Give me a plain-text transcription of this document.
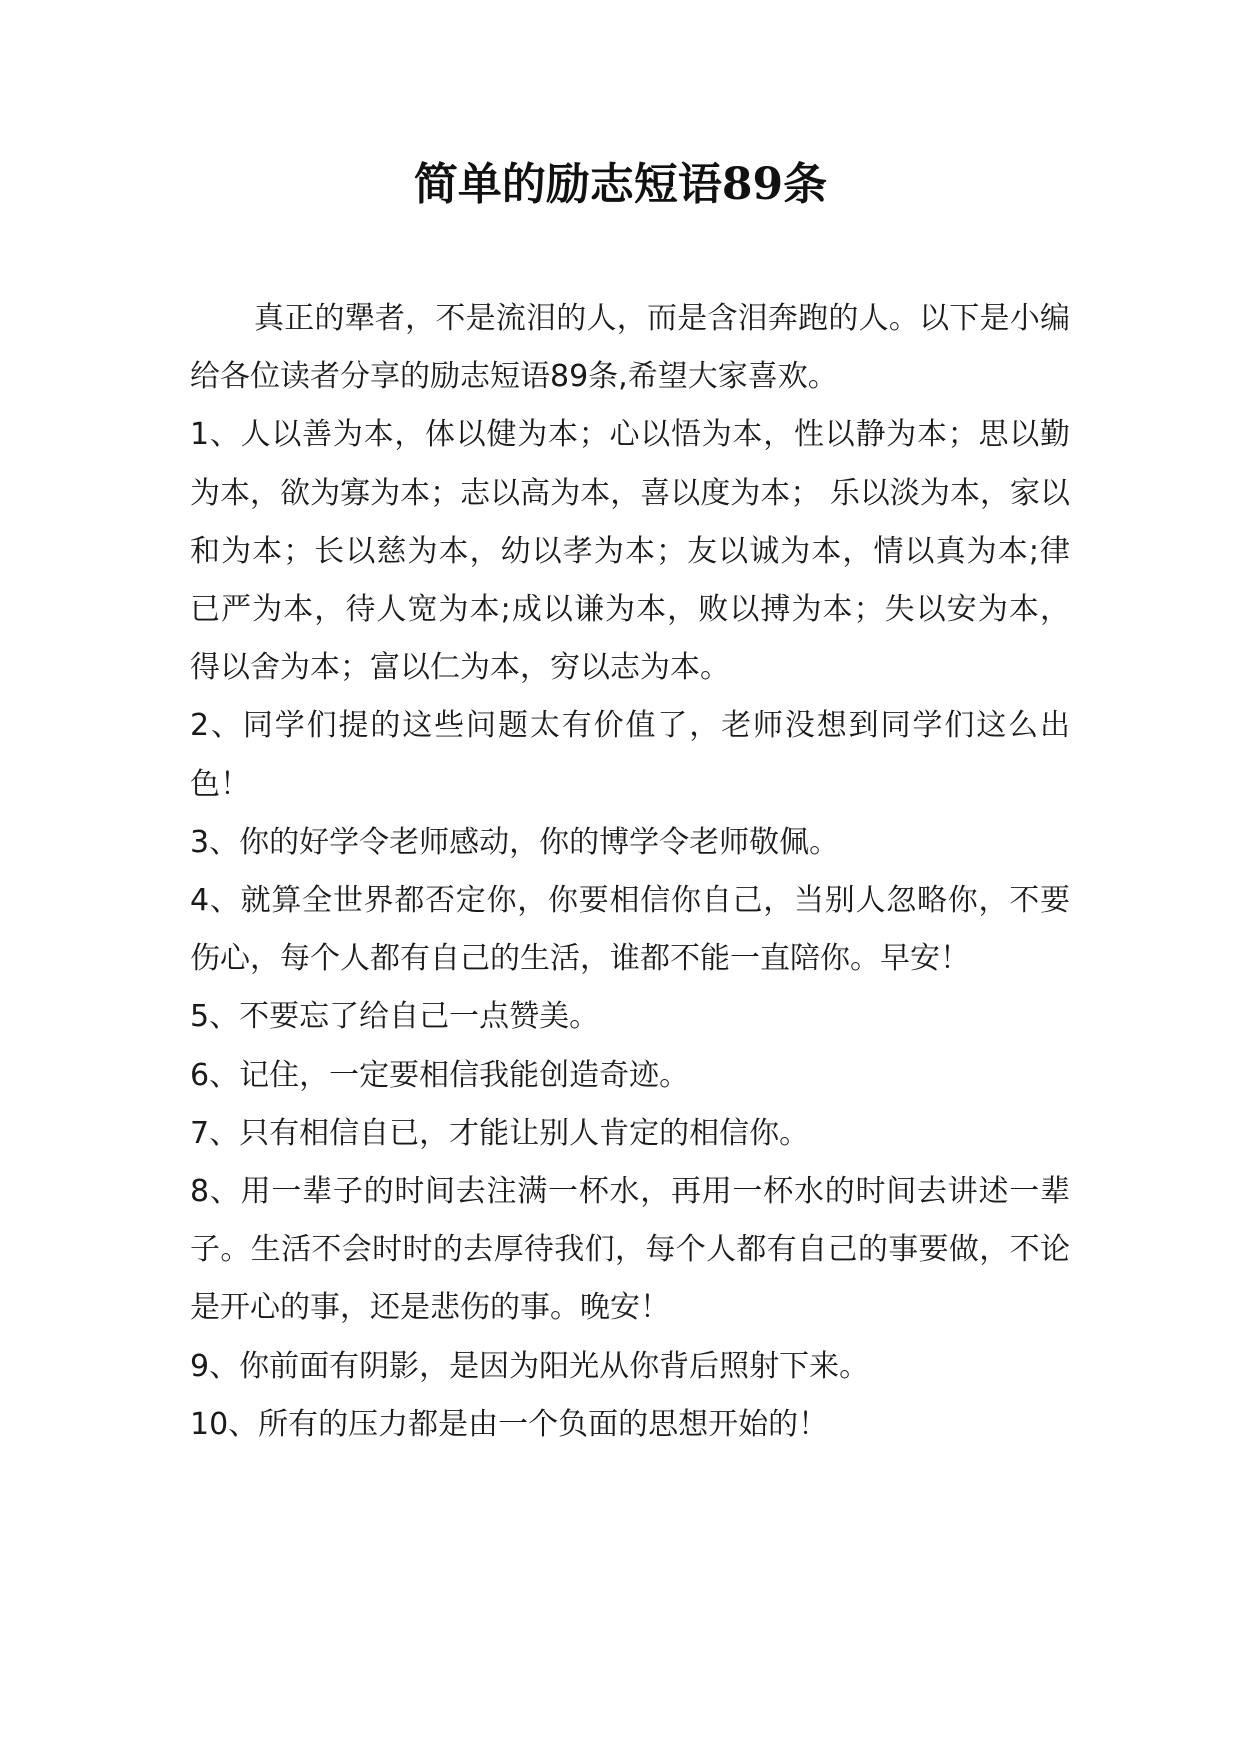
简单的励志短语89条

真正的犟者，不是流泪的人，而是含泪奔跑的人。以下是小编给各位读者分享的励志短语89条,希望大家喜欢。

1、人以善为本，体以健为本；心以悟为本，性以静为本；思以勤为本，欲为寡为本；志以高为本，喜以度为本； 乐以淡为本，家以和为本；长以慈为本，幼以孝为本；友以诚为本，情以真为本;律已严为本，待人宽为本;成以谦为本，败以搏为本；失以安为本，得以舍为本；富以仁为本，穷以志为本。

2、同学们提的这些问题太有价值了，老师没想到同学们这么出色！

3、你的好学令老师感动，你的博学令老师敬佩。

4、就算全世界都否定你，你要相信你自己，当别人忽略你，不要伤心，每个人都有自己的生活，谁都不能一直陪你。早安！

5、不要忘了给自己一点赞美。

6、记住，一定要相信我能创造奇迹。

7、只有相信自已，才能让别人肯定的相信你。

8、用一辈子的时间去注满一杯水，再用一杯水的时间去讲述一辈子。生活不会时时的去厚待我们，每个人都有自己的事要做，不论是开心的事，还是悲伤的事。晚安！

9、你前面有阴影，是因为阳光从你背后照射下来。

10、所有的压力都是由一个负面的思想开始的！
